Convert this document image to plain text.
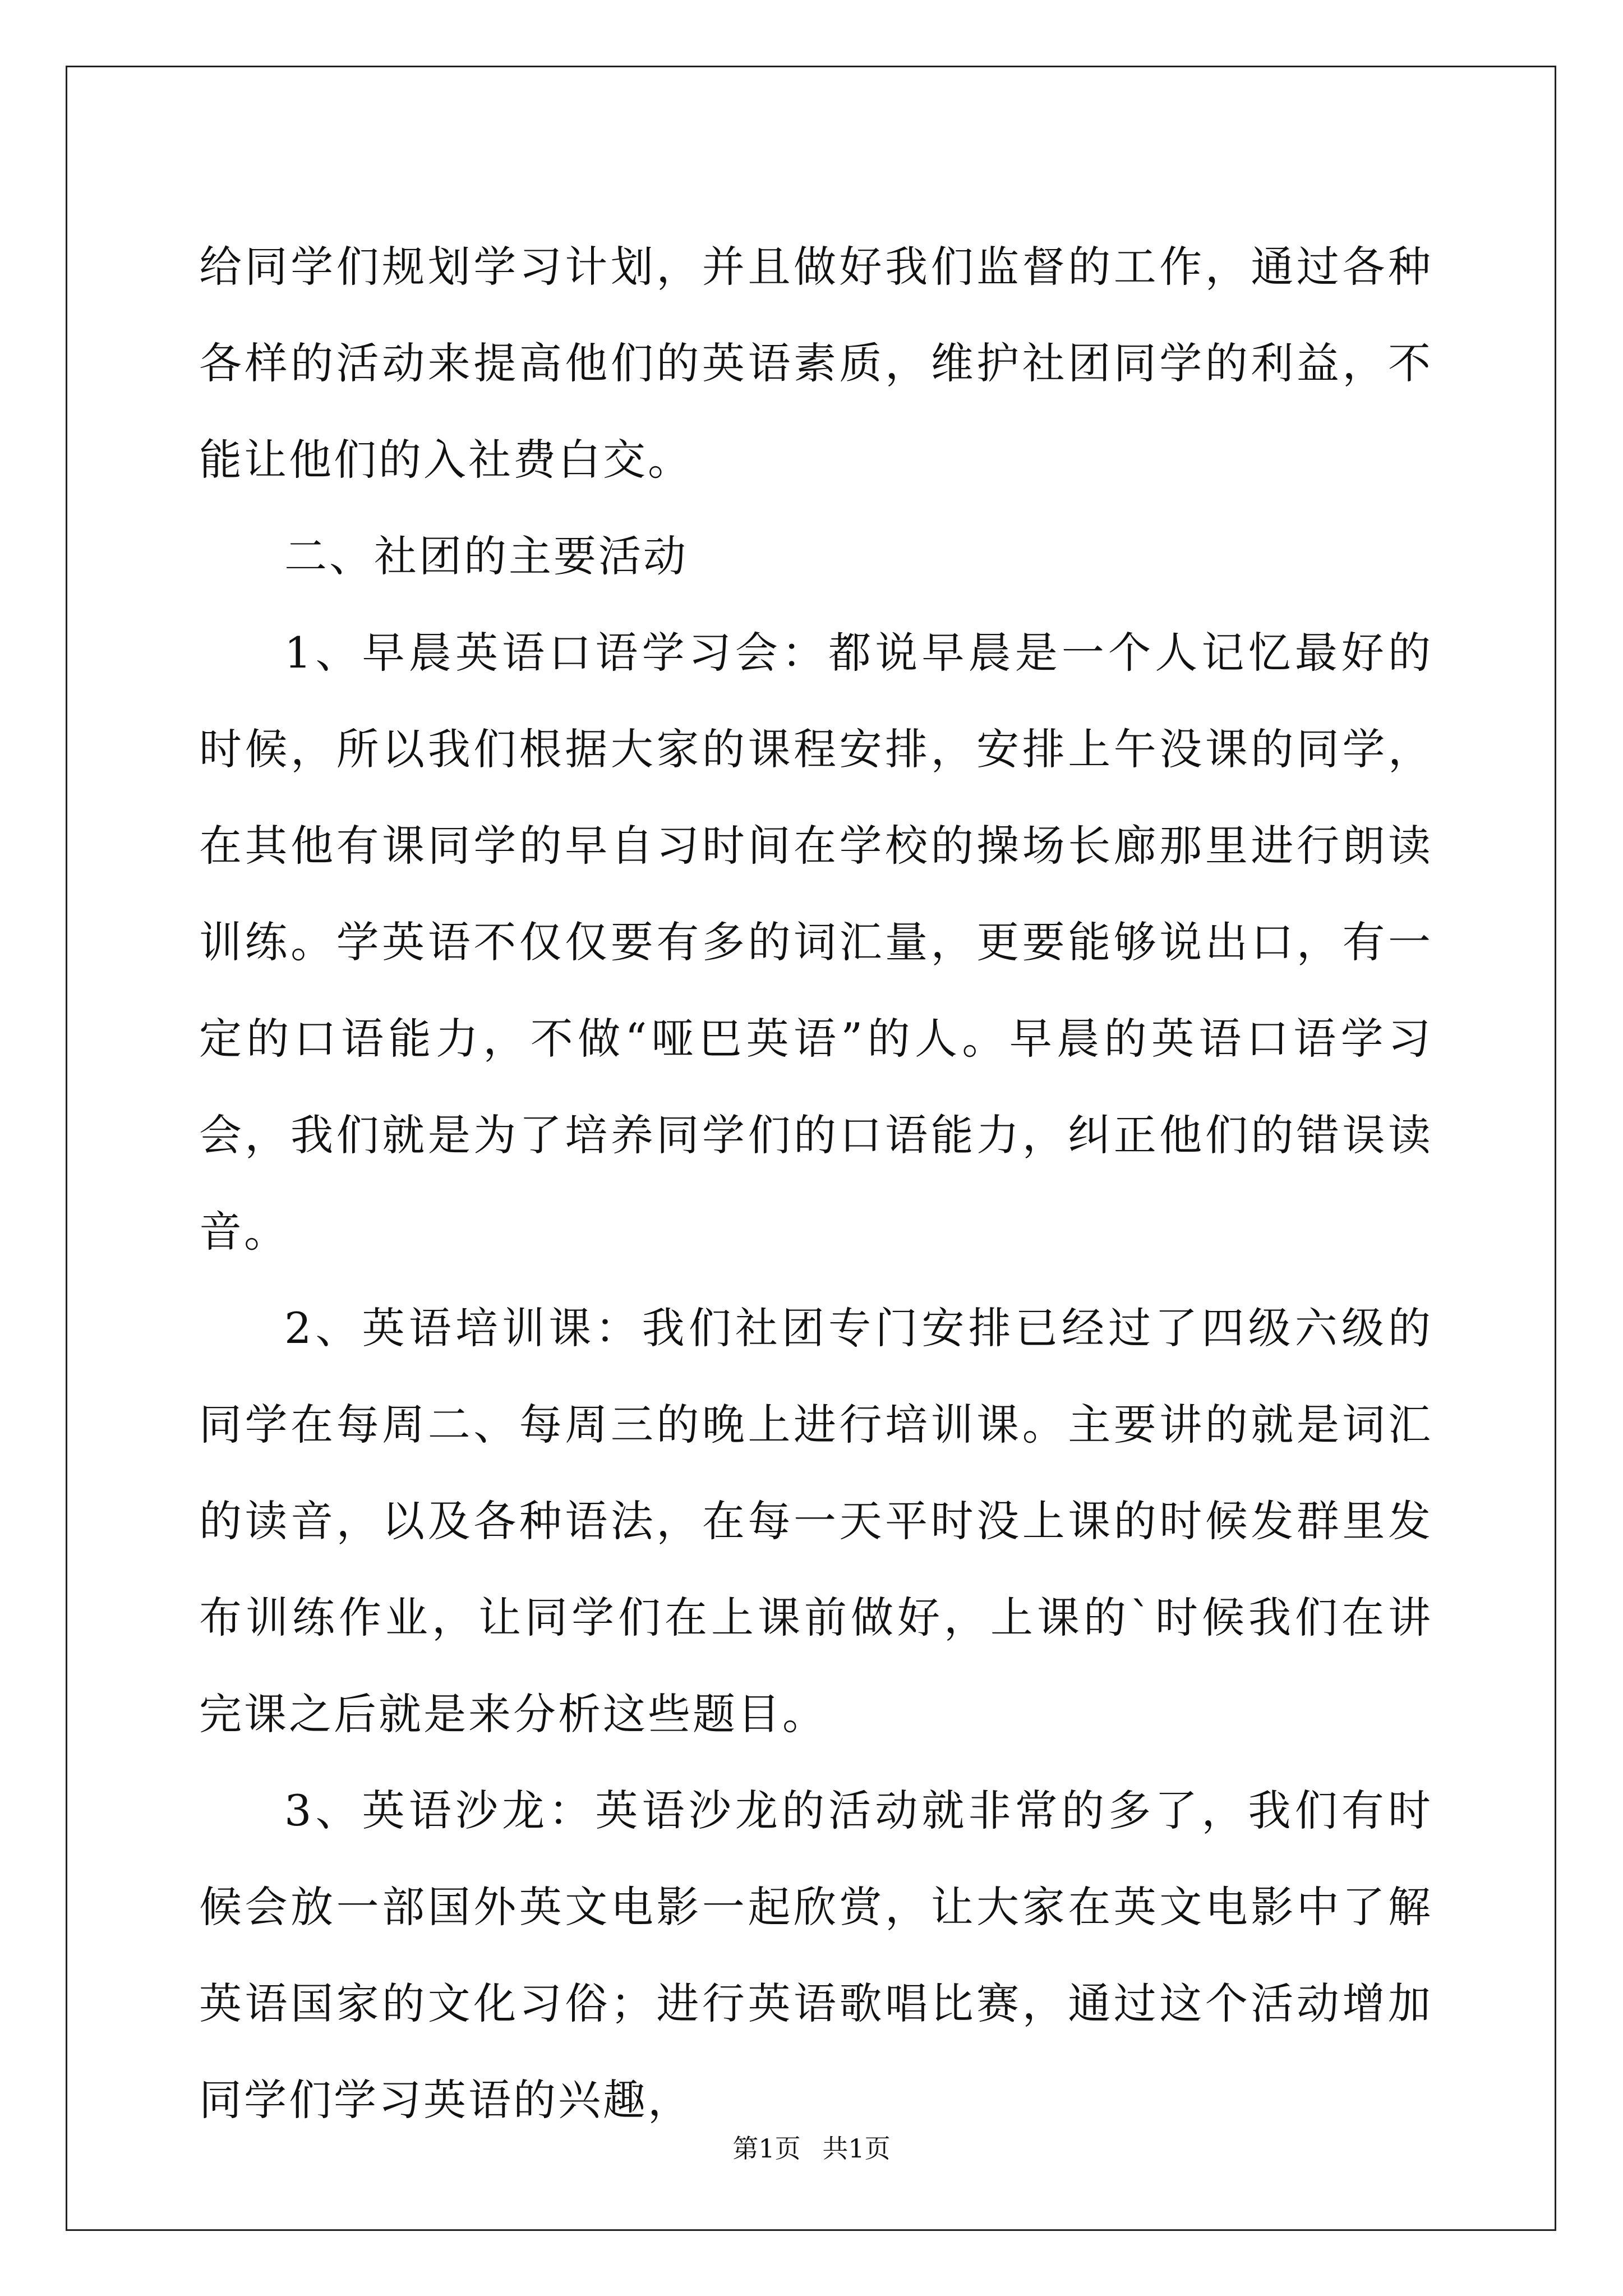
给同学们规划学习计划，并且做好我们监督的工作，通过各种各样的活动来提高他们的英语素质，维护社团同学的利益，不能让他们的入社费白交。

二、社团的主要活动

1、早晨英语口语学习会：都说早晨是一个人记忆最好的时候，所以我们根据大家的课程安排，安排上午没课的同学，在其他有课同学的早自习时间在学校的操场长廊那里进行朗读训练。学英语不仅仅要有多的词汇量，更要能够说出口，有一定的口语能力，不做“哑巴英语”的人。早晨的英语口语学习会，我们就是为了培养同学们的口语能力，纠正他们的错误读音。

2、英语培训课：我们社团专门安排已经过了四级六级的同学在每周二、每周三的晚上进行培训课。主要讲的就是词汇的读音，以及各种语法，在每一天平时没上课的时候发群里发布训练作业，让同学们在上课前做好，上课的`时候我们在讲完课之后就是来分析这些题目。

3、英语沙龙：英语沙龙的活动就非常的多了，我们有时候会放一部国外英文电影一起欣赏，让大家在英文电影中了解英语国家的文化习俗；进行英语歌唱比赛，通过这个活动增加同学们学习英语的兴趣，

第1页 共1页
